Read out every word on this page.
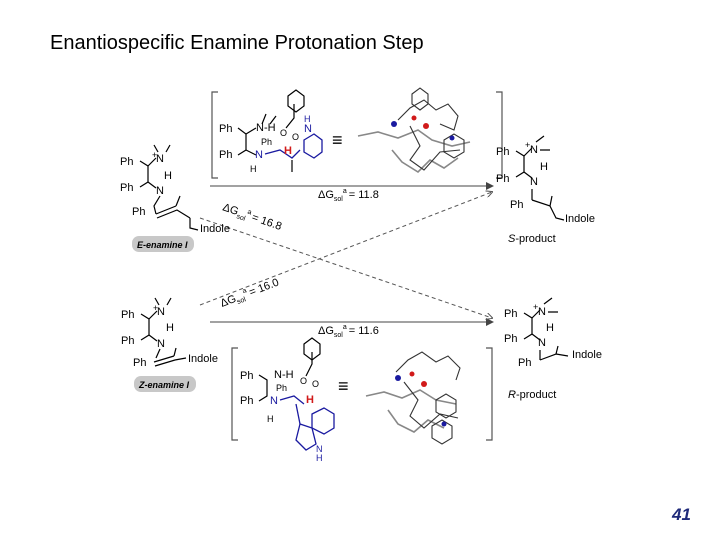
Enantiospecific Enamine Protonation Step
Ph
Ph
N-H
Ph
N
H
H
O O
N
H
≡
Ph
Ph
N-H
Ph
N
H
O O
H
N
H
≡
$\Delta G_{sol}^a = 11.8$
$\Delta G_{sol}^a = 11.6$
$\Delta G_{sol}^a= 16.8$
$\Delta G_{sol}^a= 16.0$
Ph
Ph
+
N
H
N
Ph
Indole
E-enamine I
Ph
Ph
+
N
H
N
Ph	Indole
Z-enamine I
Ph
Ph
+ N
H
N
Ph
Indole
S-product
Ph
Ph
+ N
H
N
Ph
Indole
R-product
41
